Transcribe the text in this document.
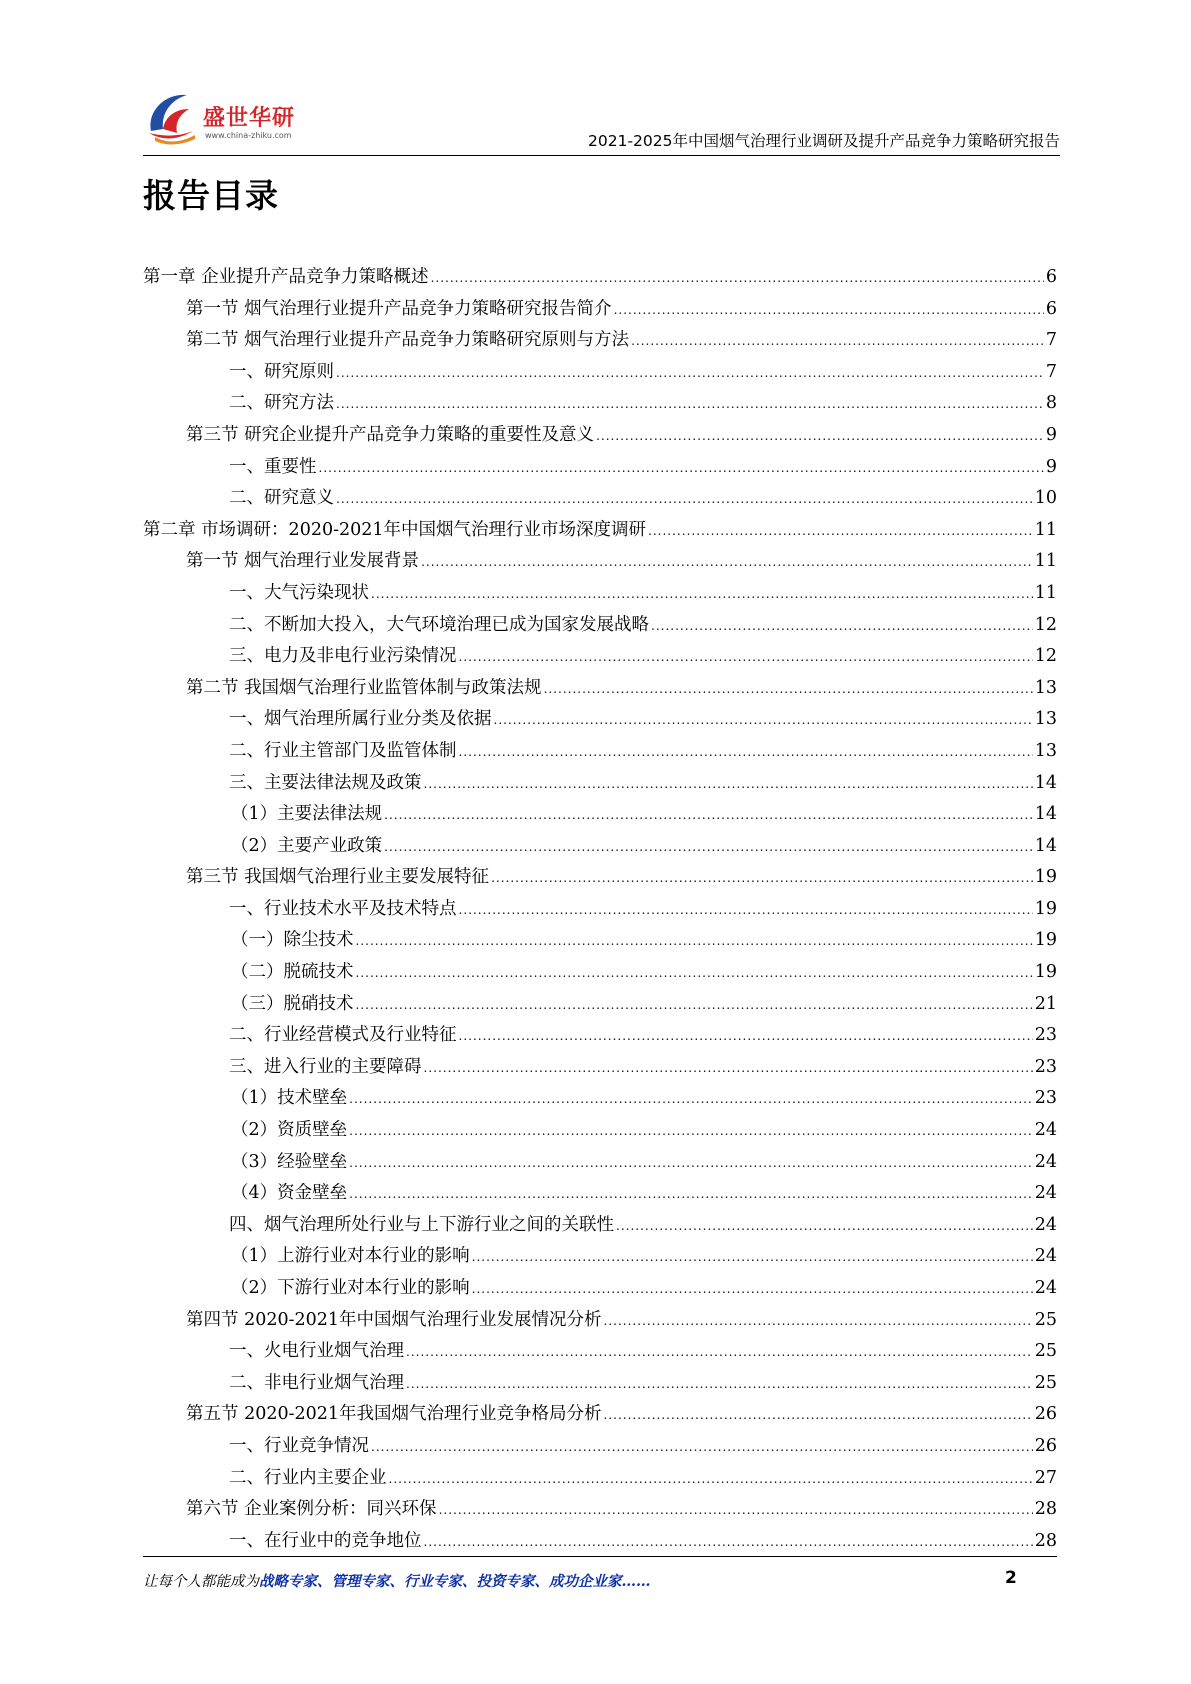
盛世华研
www.china-zhiku.com	2021-2025年中国烟气治理行业调研及提升产品竞争力策略研究报告
报告目录
第一章 企业提升产品竞争力策略概述 .....	6
第一节 烟气治理行业提升产品竞争力策略研究报告简介 .....	6
第二节 烟气治理行业提升产品竞争力策略研究原则与方法 .....	7
一、研究原则 .....	7
二、研究方法 .....	8
第三节 研究企业提升产品竞争力策略的重要性及意义 .....	9
一、重要性 .....	9
二、研究意义 .....	10
第二章 市场调研：2020-2021年中国烟气治理行业市场深度调研 .....	11
第一节 烟气治理行业发展背景 .....	11
一、大气污染现状 .....	11
二、不断加大投入，大气环境治理已成为国家发展战略 .....	12
三、电力及非电行业污染情况 .....	12
第二节 我国烟气治理行业监管体制与政策法规 .....	13
一、烟气治理所属行业分类及依据 .....	13
二、行业主管部门及监管体制 .....	13
三、主要法律法规及政策 .....	14
（1）主要法律法规 .....	14
（2）主要产业政策 .....	14
第三节 我国烟气治理行业主要发展特征 .....	19
一、行业技术水平及技术特点 .....	19
（一）除尘技术 .....	19
（二）脱硫技术 .....	19
（三）脱硝技术 .....	21
二、行业经营模式及行业特征 .....	23
三、进入行业的主要障碍 .....	23
（1）技术壁垒 .....	23
（2）资质壁垒 .....	24
（3）经验壁垒 .....	24
（4）资金壁垒 .....	24
四、烟气治理所处行业与上下游行业之间的关联性 .....	24
（1）上游行业对本行业的影响 .....	24
（2）下游行业对本行业的影响 .....	24
第四节 2020-2021年中国烟气治理行业发展情况分析 .....	25
一、火电行业烟气治理 .....	25
二、非电行业烟气治理 .....	25
第五节 2020-2021年我国烟气治理行业竞争格局分析 .....	26
一、行业竞争情况 .....	26
二、行业内主要企业 .....	27
第六节 企业案例分析：同兴环保 .....	28
一、在行业中的竞争地位 .....	28
让每个人都能成为战略专家、管理专家、行业专家、投资专家、成功企业家……	2
